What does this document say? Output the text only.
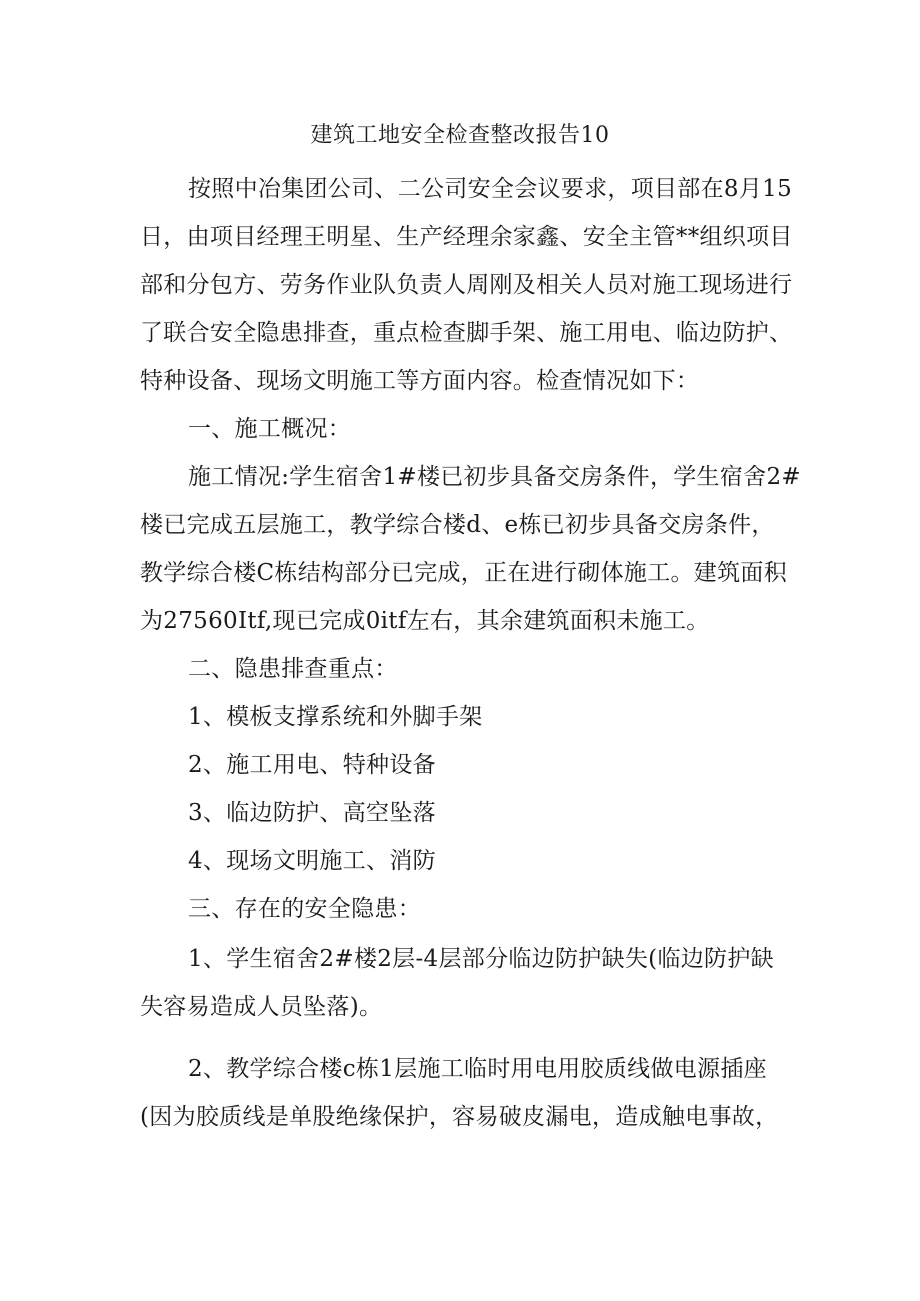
建筑工地安全检查整改报告10
按照中冶集团公司、二公司安全会议要求，项目部在8月15
日，由项目经理王明星、生产经理余家鑫、安全主管**组织项目
部和分包方、劳务作业队负责人周刚及相关人员对施工现场进行
了联合安全隐患排查，重点检查脚手架、施工用电、临边防护、
特种设备、现场文明施工等方面内容。检查情况如下：
一、施工概况：
施工情况:学生宿舍1#楼已初步具备交房条件，学生宿舍2#
楼已完成五层施工，教学综合楼d、e栋已初步具备交房条件，
教学综合楼C栋结构部分已完成，正在进行砌体施工。建筑面积
为27560Itf,现已完成0itf左右，其余建筑面积未施工。
二、隐患排查重点：
1、模板支撑系统和外脚手架
2、施工用电、特种设备
3、临边防护、高空坠落
4、现场文明施工、消防
三、存在的安全隐患：
1、学生宿舍2#楼2层-4层部分临边防护缺失(临边防护缺
失容易造成人员坠落)。
2、教学综合楼c栋1层施工临时用电用胶质线做电源插座
(因为胶质线是单股绝缘保护，容易破皮漏电，造成触电事故，
